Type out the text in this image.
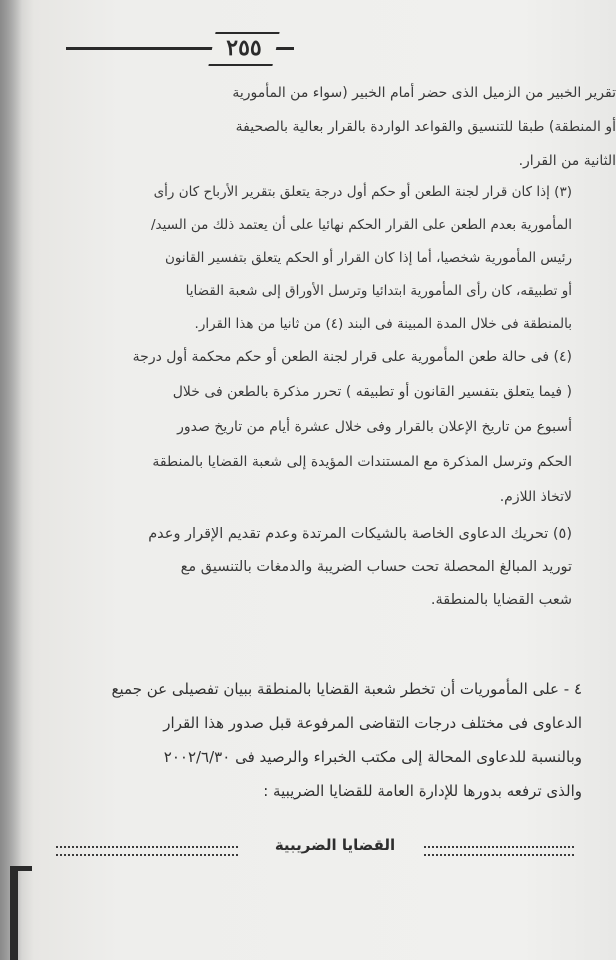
٢٥٥
تقرير الخبير من الزميل الذى حضر أمام الخبير (سواء من المأمورية
أو المنطقة) طبقا للتنسيق والقواعد الواردة بالقرار بعالية بالصحيفة
الثانية من القرار.
(٣) إذا كان قرار لجنة الطعن أو حكم أول درجة يتعلق بتقرير الأرباح كان رأى
المأمورية بعدم الطعن على القرار الحكم نهائيا على أن يعتمد ذلك من السيد/
رئيس المأمورية شخصيا، أما إذا كان القرار أو الحكم يتعلق بتفسير القانون
أو تطبيقه، كان رأى المأمورية ابتدائيا وترسل الأوراق إلى شعبة القضايا
بالمنطقة فى خلال المدة المبينة فى البند (٤) من ثانيا من هذا القرار.
(٤) فى حالة طعن المأمورية على قرار لجنة الطعن أو حكم محكمة أول درجة
( فيما يتعلق بتفسير القانون أو تطبيقه ) تحرر مذكرة بالطعن فى خلال
أسبوع من تاريخ الإعلان بالقرار وفى خلال عشرة أيام من تاريخ صدور
الحكم وترسل المذكرة مع المستندات المؤيدة إلى شعبة القضايا بالمنطقة
لاتخاذ اللازم.
(٥) تحريك الدعاوى الخاصة بالشيكات المرتدة وعدم تقديم الإقرار وعدم
توريد المبالغ المحصلة تحت حساب الضريبة والدمغات بالتنسيق مع
شعب القضايا بالمنطقة.
٤ - على المأموريات أن تخطر شعبة القضايا بالمنطقة ببيان تفصيلى عن جميع
الدعاوى فى مختلف درجات التقاضى المرفوعة قبل صدور هذا القرار
وبالنسبة للدعاوى المحالة إلى مكتب الخبراء والرصيد فى ٢٠٠٢/٦/٣٠
والذى ترفعه بدورها للإدارة العامة للقضايا الضريبية :
القضايا الضريبية
